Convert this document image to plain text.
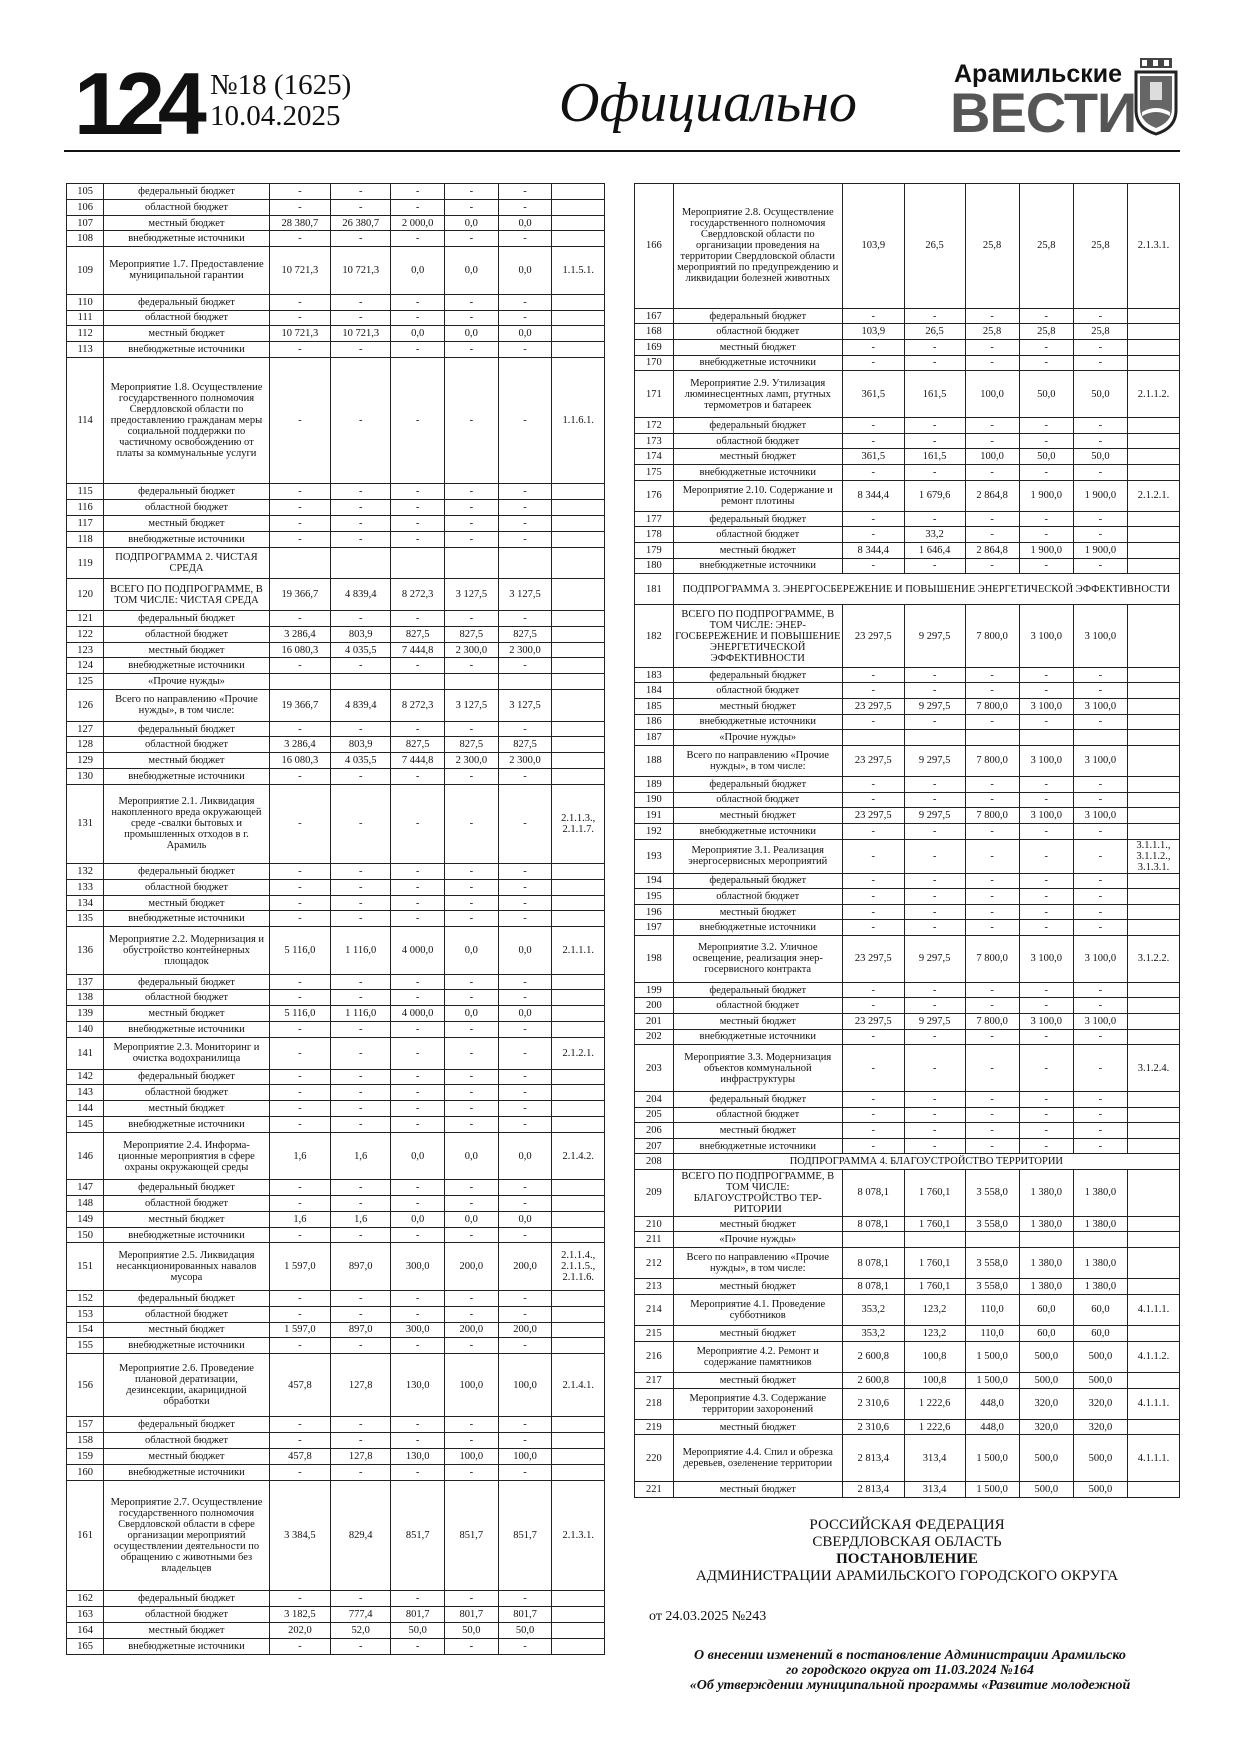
124 №18 (1625)
10.04.2025	Официально	Арамильские
ВЕСТИ
105	федеральный бюджет	-	-	-	-	-	
106	областной бюджет	-	-	-	-	-	
107	местный бюджет	28 380,7	26 380,7	2 000,0	0,0	0,0	
108	внебюджетные источники	-	-	-	-	-	
109	Мероприятие 1.7. Предоставление муниципальной гарантии	10 721,3	10 721,3	0,0	0,0	0,0	1.1.5.1.
110	федеральный бюджет	-	-	-	-	-	
111	областной бюджет	-	-	-	-	-	
112	местный бюджет	10 721,3	10 721,3	0,0	0,0	0,0	
113	внебюджетные источники	-	-	-	-	-	
114	Мероприятие 1.8. Осуществление государственного полномочия Свердловской области по предоставлению гражданам меры социальной поддержки по частичному освобождению от платы за коммунальные услуги	-	-	-	-	-	1.1.6.1.
115	федеральный бюджет	-	-	-	-	-	
116	областной бюджет	-	-	-	-	-	
117	местный бюджет	-	-	-	-	-	
118	внебюджетные источники	-	-	-	-	-	
119	ПОДПРОГРАММА 2. ЧИСТАЯ СРЕДА						
120	ВСЕГО ПО ПОДПРОГРАММЕ, В ТОМ ЧИСЛЕ: ЧИСТАЯ СРЕДА	19 366,7	4 839,4	8 272,3	3 127,5	3 127,5	
121	федеральный бюджет	-	-	-	-	-	
122	областной бюджет	3 286,4	803,9	827,5	827,5	827,5	
123	местный бюджет	16 080,3	4 035,5	7 444,8	2 300,0	2 300,0	
124	внебюджетные источники	-	-	-	-	-	
125	«Прочие нужды»						
126	Всего по направлению «Прочие нужды», в том числе:	19 366,7	4 839,4	8 272,3	3 127,5	3 127,5	
127	федеральный бюджет	-	-	-	-	-	
128	областной бюджет	3 286,4	803,9	827,5	827,5	827,5	
129	местный бюджет	16 080,3	4 035,5	7 444,8	2 300,0	2 300,0	
130	внебюджетные источники	-	-	-	-	-	
131	Мероприятие 2.1. Ликвидация накопленного вреда окружающей среде -свалки бытовых и промышленных отходов в г. Арамиль	-	-	-	-	-	2.1.1.3., 2.1.1.7.
132	федеральный бюджет	-	-	-	-	-	
133	областной бюджет	-	-	-	-	-	
134	местный бюджет	-	-	-	-	-	
135	внебюджетные источники	-	-	-	-	-	
136	Мероприятие 2.2. Модернизация и обустройство контейнерных площадок	5 116,0	1 116,0	4 000,0	0,0	0,0	2.1.1.1.
137	федеральный бюджет	-	-	-	-	-	
138	областной бюджет	-	-	-	-	-	
139	местный бюджет	5 116,0	1 116,0	4 000,0	0,0	0,0	
140	внебюджетные источники	-	-	-	-	-	
141	Мероприятие 2.3. Мониторинг и очистка водохранилища	-	-	-	-	-	2.1.2.1.
142	федеральный бюджет	-	-	-	-	-	
143	областной бюджет	-	-	-	-	-	
144	местный бюджет	-	-	-	-	-	
145	внебюджетные источники	-	-	-	-	-	
146	Мероприятие 2.4. Информационные мероприятия в сфере охраны окружающей среды	1,6	1,6	0,0	0,0	0,0	2.1.4.2.
147	федеральный бюджет	-	-	-	-	-	
148	областной бюджет	-	-	-	-	-	
149	местный бюджет	1,6	1,6	0,0	0,0	0,0	
150	внебюджетные источники	-	-	-	-	-	
151	Мероприятие 2.5. Ликвидация несанкционированных навалов мусора	1 597,0	897,0	300,0	200,0	200,0	2.1.1.4., 2.1.1.5., 2.1.1.6.
152	федеральный бюджет	-	-	-	-	-	
153	областной бюджет	-	-	-	-	-	
154	местный бюджет	1 597,0	897,0	300,0	200,0	200,0	
155	внебюджетные источники	-	-	-	-	-	
156	Мероприятие 2.6. Проведение плановой дератизации, дезинсекции, акарицидной обработки	457,8	127,8	130,0	100,0	100,0	2.1.4.1.
157	федеральный бюджет	-	-	-	-	-	
158	областной бюджет	-	-	-	-	-	
159	местный бюджет	457,8	127,8	130,0	100,0	100,0	
160	внебюджетные источники	-	-	-	-	-	
161	Мероприятие 2.7. Осуществление государственного полномочия Свердловской области в сфере организации мероприятий осуществлении деятельности по обращению с животными без владельцев	3 384,5	829,4	851,7	851,7	851,7	2.1.3.1.
162	федеральный бюджет	-	-	-	-	-	
163	областной бюджет	3 182,5	777,4	801,7	801,7	801,7	
164	местный бюджет	202,0	52,0	50,0	50,0	50,0	
165	внебюджетные источники	-	-	-	-	-	
166	Мероприятие 2.8. Осуществление государственного полномочия Свердловской области по организации проведения на территории Свердловской области мероприятий по предупреждению и ликвидации болезней животных	103,9	26,5	25,8	25,8	25,8	2.1.3.1.
167	федеральный бюджет	-	-	-	-	-	
168	областной бюджет	103,9	26,5	25,8	25,8	25,8	
169	местный бюджет	-	-	-	-	-	
170	внебюджетные источники	-	-	-	-	-	
171	Мероприятие 2.9. Утилизация люминесцентных ламп, ртутных термометров и батареек	361,5	161,5	100,0	50,0	50,0	2.1.1.2.
172	федеральный бюджет	-	-	-	-	-	
173	областной бюджет	-	-	-	-	-	
174	местный бюджет	361,5	161,5	100,0	50,0	50,0	
175	внебюджетные источники	-	-	-	-	-	
176	Мероприятие 2.10. Содержание и ремонт плотины	8 344,4	1 679,6	2 864,8	1 900,0	1 900,0	2.1.2.1.
177	федеральный бюджет	-	-	-	-	-	
178	областной бюджет	-	33,2	-	-	-	
179	местный бюджет	8 344,4	1 646,4	2 864,8	1 900,0	1 900,0	
180	внебюджетные источники	-	-	-	-	-	
181	ПОДПРОГРАММА 3. ЭНЕРГОСБЕРЕЖЕНИЕ И ПОВЫШЕНИЕ ЭНЕРГЕТИЧЕСКОЙ ЭФФЕКТИВНОСТИ						
182	ВСЕГО ПО ПОДПРОГРАММЕ, В ТОМ ЧИСЛЕ: ЭНЕРГОСБЕРЕЖЕНИЕ И ПОВЫШЕНИЕ ЭНЕРГЕТИЧЕСКОЙ ЭФФЕКТИВНОСТИ	23 297,5	9 297,5	7 800,0	3 100,0	3 100,0	
183	федеральный бюджет	-	-	-	-	-	
184	областной бюджет	-	-	-	-	-	
185	местный бюджет	23 297,5	9 297,5	7 800,0	3 100,0	3 100,0	
186	внебюджетные источники	-	-	-	-	-	
187	«Прочие нужды»						
188	Всего по направлению «Прочие нужды», в том числе:	23 297,5	9 297,5	7 800,0	3 100,0	3 100,0	
189	федеральный бюджет	-	-	-	-	-	
190	областной бюджет	-	-	-	-	-	
191	местный бюджет	23 297,5	9 297,5	7 800,0	3 100,0	3 100,0	
192	внебюджетные источники	-	-	-	-	-	
193	Мероприятие 3.1. Реализация энергосервисных мероприятий	-	-	-	-	-	3.1.1.1., 3.1.1.2., 3.1.3.1.
194	федеральный бюджет	-	-	-	-	-	
195	областной бюджет	-	-	-	-	-	
196	местный бюджет	-	-	-	-	-	
197	внебюджетные источники	-	-	-	-	-	
198	Мероприятие 3.2. Уличное освещение, реализация энергосервисного контракта	23 297,5	9 297,5	7 800,0	3 100,0	3 100,0	3.1.2.2.
199	федеральный бюджет	-	-	-	-	-	
200	областной бюджет	-	-	-	-	-	
201	местный бюджет	23 297,5	9 297,5	7 800,0	3 100,0	3 100,0	
202	внебюджетные источники	-	-	-	-	-	
203	Мероприятие 3.3. Модернизация объектов коммунальной инфраструктуры	-	-	-	-	-	3.1.2.4.
204	федеральный бюджет	-	-	-	-	-	
205	областной бюджет	-	-	-	-	-	
206	местный бюджет	-	-	-	-	-	
207	внебюджетные источники	-	-	-	-	-	
208	ПОДПРОГРАММА 4. БЛАГОУСТРОЙСТВО ТЕРРИТОРИИ						
209	ВСЕГО ПО ПОДПРОГРАММЕ, В ТОМ ЧИСЛЕ: БЛАГОУСТРОЙСТВО ТЕРРИТОРИИ	8 078,1	1 760,1	3 558,0	1 380,0	1 380,0	
210	местный бюджет	8 078,1	1 760,1	3 558,0	1 380,0	1 380,0	
211	«Прочие нужды»						
212	Всего по направлению «Прочие нужды», в том числе:	8 078,1	1 760,1	3 558,0	1 380,0	1 380,0	
213	местный бюджет	8 078,1	1 760,1	3 558,0	1 380,0	1 380,0	
214	Мероприятие 4.1. Проведение субботников	353,2	123,2	110,0	60,0	60,0	4.1.1.1.
215	местный бюджет	353,2	123,2	110,0	60,0	60,0	
216	Мероприятие 4.2. Ремонт и содержание памятников	2 600,8	100,8	1 500,0	500,0	500,0	4.1.1.2.
217	местный бюджет	2 600,8	100,8	1 500,0	500,0	500,0	
218	Мероприятие 4.3. Содержание территории захоронений	2 310,6	1 222,6	448,0	320,0	320,0	4.1.1.1.
219	местный бюджет	2 310,6	1 222,6	448,0	320,0	320,0	
220	Мероприятие 4.4. Спил и обрезка деревьев, озеленение территории	2 813,4	313,4	1 500,0	500,0	500,0	4.1.1.1.
221	местный бюджет	2 813,4	313,4	1 500,0	500,0	500,0	
РОССИЙСКАЯ ФЕДЕРАЦИЯ
СВЕРДЛОВСКАЯ ОБЛАСТЬ
ПОСТАНОВЛЕНИЕ
АДМИНИСТРАЦИИ АРАМИЛЬСКОГО ГОРОДСКОГО ОКРУГА
от 24.03.2025 №243
О внесении изменений в постановление Администрации Арамильско
го городского округа от 11.03.2024 №164
«Об утверждении муниципальной программы «Развитие молодежной
